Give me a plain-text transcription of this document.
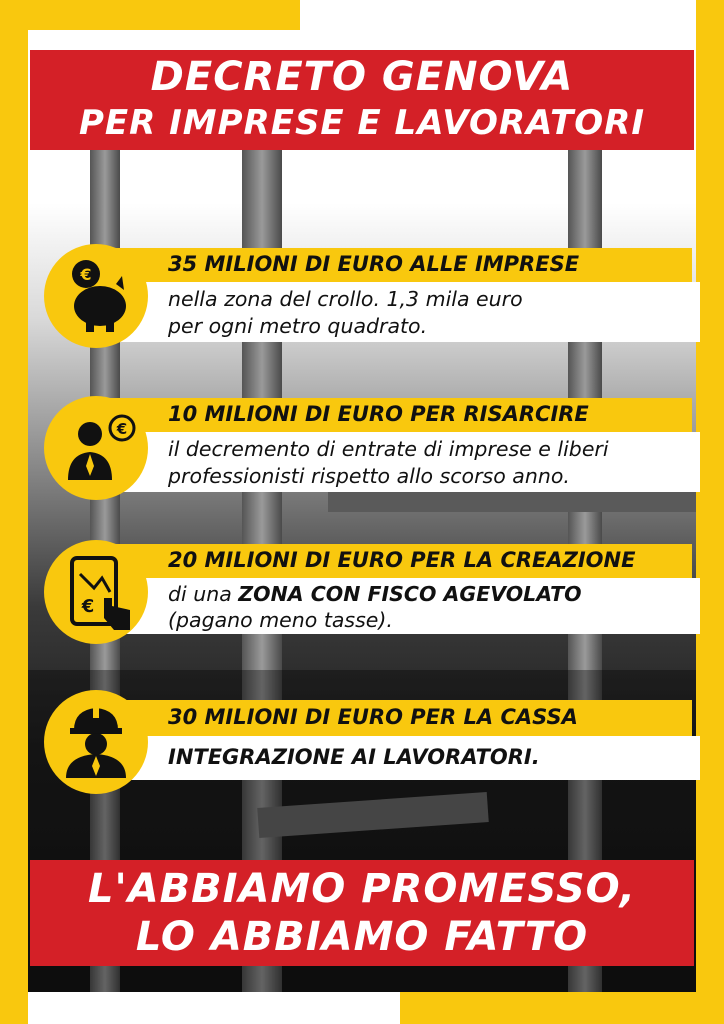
DECRETO GENOVA
PER IMPRESE E LAVORATORI
€	35 MILIONI DI EURO ALLE IMPRESE
nella zona del crollo. 1,3 mila euro
per ogni metro quadrato.
€
10 MILIONI DI EURO PER RISARCIRE
il decremento di entrate di imprese e liberi
professionisti rispetto allo scorso anno.
€
20 MILIONI DI EURO PER LA CREAZIONE
di una ZONA CON FISCO AGEVOLATO
(pagano meno tasse).
30 MILIONI DI EURO PER LA CASSA
INTEGRAZIONE AI LAVORATORI.
L'ABBIAMO PROMESSO,
LO ABBIAMO FATTO
